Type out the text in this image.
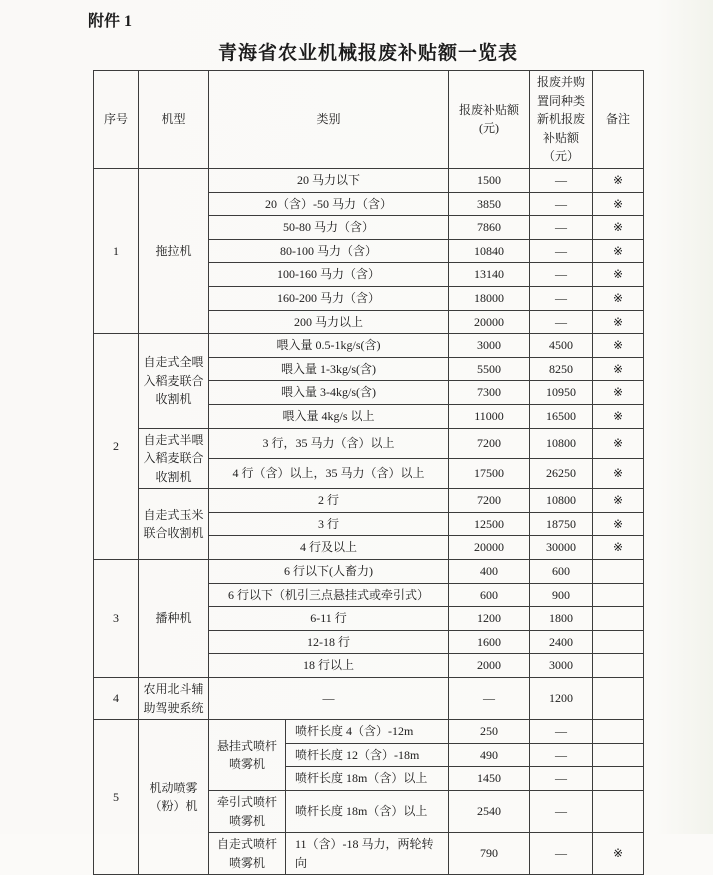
附件 1
青海省农业机械报废补贴额一览表
序号	机型	类别		报废补贴额(元)	报废并购置同种类新机报废补贴额（元）	备注
1	拖拉机	20 马力以下		1500	—	※
		20（含）-50 马力（含）		3850	—	※
		50-80 马力（含）		7860	—	※
		80-100 马力（含）		10840	—	※
		100-160 马力（含）		13140	—	※
		160-200 马力（含）		18000	—	※
		200 马力以上		20000	—	※
2	自走式全喂入稻麦联合收割机	喂入量 0.5-1kg/s(含)		3000	4500	※
		喂入量 1-3kg/s(含)		5500	8250	※
		喂入量 3-4kg/s(含)		7300	10950	※
		喂入量 4kg/s 以上		11000	16500	※
	自走式半喂入稻麦联合收割机	3 行，35 马力（含）以上		7200	10800	※
		4 行（含）以上，35 马力（含）以上		17500	26250	※
	自走式玉米联合收割机	2 行		7200	10800	※
		3 行		12500	18750	※
		4 行及以上		20000	30000	※
3	播种机	6 行以下(人畜力)		400	600	
		6 行以下（机引三点悬挂式或牵引式）		600	900	
		6-11 行		1200	1800	
		12-18 行		1600	2400	
		18 行以上		2000	3000	
4	农用北斗辅助驾驶系统	—		—	1200	
5	机动喷雾（粉）机	悬挂式喷杆喷雾机	喷杆长度 4（含）-12m	250	—	
			喷杆长度 12（含）-18m	490	—	
			喷杆长度 18m（含）以上	1450	—	
		牵引式喷杆喷雾机	喷杆长度 18m（含）以上	2540	—	
		自走式喷杆喷雾机	11（含）-18 马力，两轮转向	790	—	※
